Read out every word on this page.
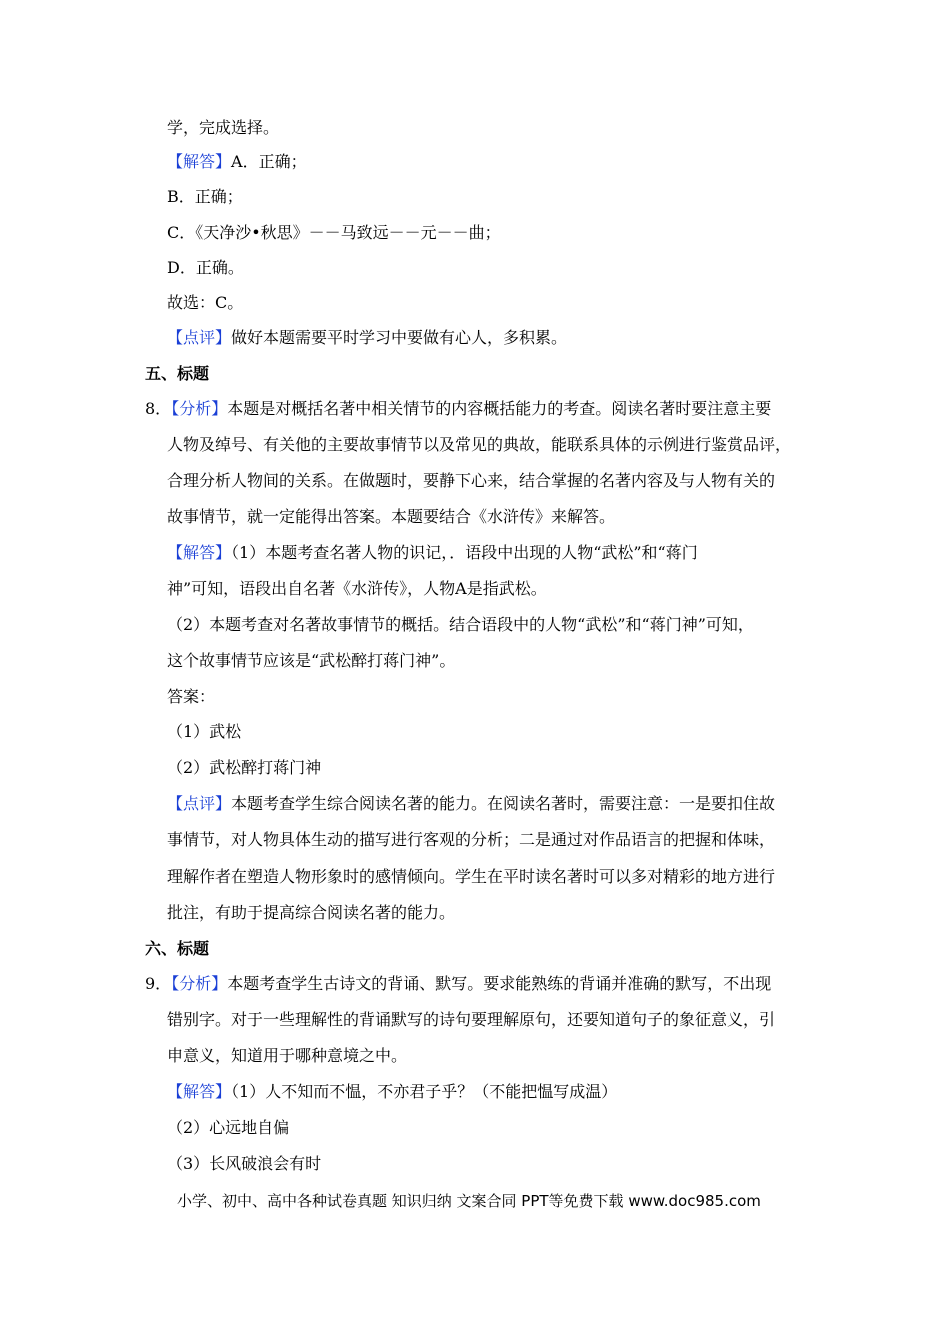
学，完成选择。
【解答】A．正确；
B．正确；
C．《天净沙•秋思》－－马致远－－元－－曲；
D．正确。
故选：C。
【点评】做好本题需要平时学习中要做有心人，多积累。
五、标题
8．【分析】本题是对概括名著中相关情节的内容概括能力的考查。阅读名著时要注意主要
人物及绰号、有关他的主要故事情节以及常见的典故，能联系具体的示例进行鉴赏品评，
合理分析人物间的关系。在做题时，要静下心来，结合掌握的名著内容及与人物有关的
故事情节，就一定能得出答案。本题要结合《水浒传》来解答。
【解答】（1）本题考查名著人物的识记，．语段中出现的人物“武松”和“蒋门
神”可知，语段出自名著《水浒传》，人物A是指武松。
（2）本题考查对名著故事情节的概括。结合语段中的人物“武松”和“蒋门神”可知，
这个故事情节应该是“武松醉打蒋门神”。
答案：
（1）武松
（2）武松醉打蒋门神
【点评】本题考查学生综合阅读名著的能力。在阅读名著时，需要注意：一是要扣住故
事情节，对人物具体生动的描写进行客观的分析；二是通过对作品语言的把握和体味，
理解作者在塑造人物形象时的感情倾向。学生在平时读名著时可以多对精彩的地方进行
批注，有助于提高综合阅读名著的能力。
六、标题
9．【分析】本题考查学生古诗文的背诵、默写。要求能熟练的背诵并准确的默写，不出现
错别字。对于一些理解性的背诵默写的诗句要理解原句，还要知道句子的象征意义，引
申意义，知道用于哪种意境之中。
【解答】（1）人不知而不愠，不亦君子乎？（不能把愠写成温）
（2）心远地自偏
（3）长风破浪会有时
小学、初中、高中各种试卷真题 知识归纳 文案合同 PPT等免费下载 www.doc985.com
